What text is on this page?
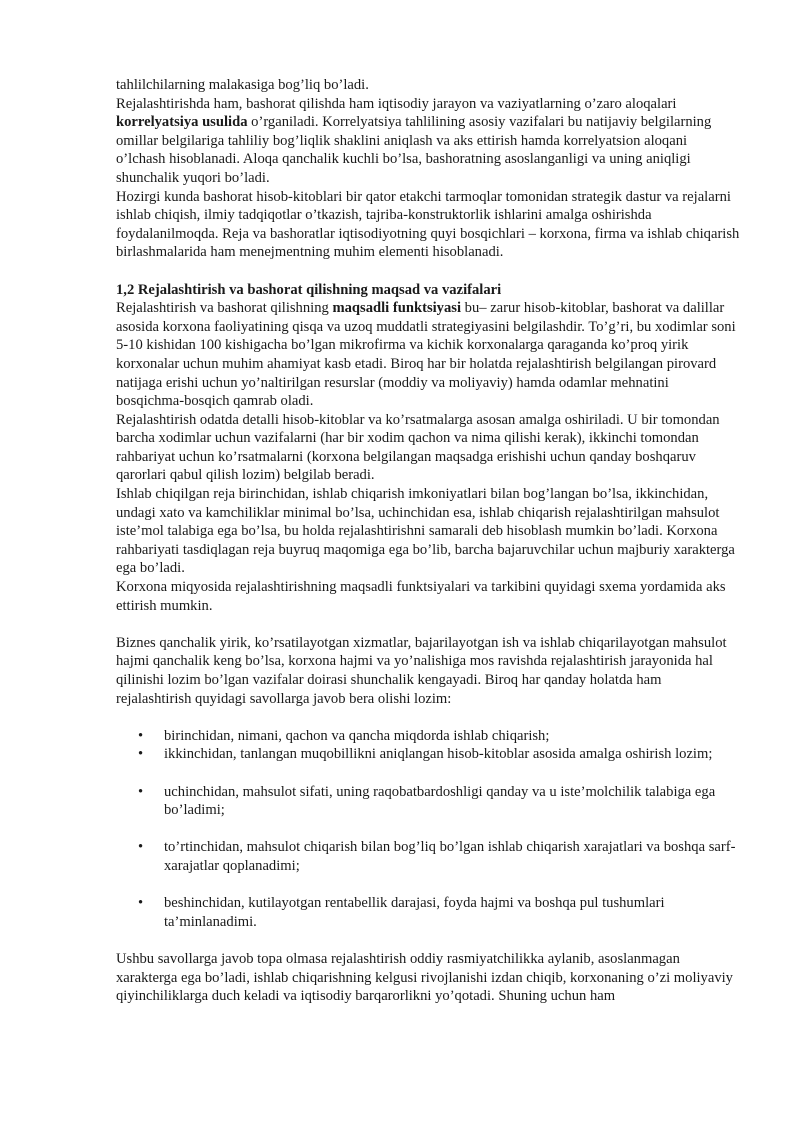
tahlilchilarning malakasiga bog’liq bo’ladi.

Rejalashtirishda ham, bashorat qilishda ham iqtisodiy jarayon va vaziyatlarning o’zaro aloqalari korrelyatsiya usulida o’rganiladi. Korrelyatsiya tahlilining asosiy vazifalari bu natijaviy belgilarning omillar belgilariga tahliliy bog’liqlik shaklini aniqlash va aks ettirish hamda korrelyatsion aloqani o’lchash hisoblanadi. Aloqa qanchalik kuchli bo’lsa, bashoratning asoslanganligi va uning aniqligi shunchalik yuqori bo’ladi.

Hozirgi kunda bashorat hisob-kitoblari bir qator etakchi tarmoqlar tomonidan strategik dastur va rejalarni ishlab chiqish, ilmiy tadqiqotlar o’tkazish, tajriba-konstruktorlik ishlarini amalga oshirishda foydalanilmoqda. Reja va bashoratlar iqtisodiyotning quyi bosqichlari – korxona, firma va ishlab chiqarish birlashmalarida ham menejmentning muhim elementi hisoblanadi.

1,2 Rejalashtirish va bashorat qilishning maqsad va vazifalari

Rejalashtirish va bashorat qilishning maqsadli funktsiyasi bu– zarur hisob-kitoblar, bashorat va dalillar asosida korxona faoliyatining qisqa va uzoq muddatli strategiyasini belgilashdir. To’g’ri, bu xodimlar soni 5-10 kishidan 100 kishigacha bo’lgan mikrofirma va kichik korxonalarga qaraganda ko’proq yirik korxonalar uchun muhim ahamiyat kasb etadi. Biroq har bir holatda rejalashtirish belgilangan pirovard natijaga erishi uchun yo’naltirilgan resurslar (moddiy va moliyaviy) hamda odamlar mehnatini bosqichma-bosqich qamrab oladi.

Rejalashtirish odatda detalli hisob-kitoblar va ko’rsatmalarga asosan amalga oshiriladi. U bir tomondan barcha xodimlar uchun vazifalarni (har bir xodim qachon va nima qilishi kerak), ikkinchi tomondan rahbariyat uchun ko’rsatmalarni (korxona belgilangan maqsadga erishishi uchun qanday boshqaruv qarorlari qabul qilish lozim) belgilab beradi.

Ishlab chiqilgan reja birinchidan, ishlab chiqarish imkoniyatlari bilan bog’langan bo’lsa, ikkinchidan, undagi xato va kamchiliklar minimal bo’lsa, uchinchidan esa, ishlab chiqarish rejalashtirilgan mahsulot iste’mol talabiga ega bo’lsa, bu holda rejalashtirishni samarali deb hisoblash mumkin bo’ladi. Korxona rahbariyati tasdiqlagan reja buyruq maqomiga ega bo’lib, barcha bajaruvchilar uchun majburiy xarakterga ega bo’ladi.

Korxona miqyosida rejalashtirishning maqsadli funktsiyalari va tarkibini quyidagi sxema yordamida aks ettirish mumkin.

Biznes qanchalik yirik, ko’rsatilayotgan xizmatlar, bajarilayotgan ish va ishlab chiqarilayotgan mahsulot hajmi qanchalik keng bo’lsa, korxona hajmi va yo’nalishiga mos ravishda rejalashtirish jarayonida hal qilinishi lozim bo’lgan vazifalar doirasi shunchalik kengayadi. Biroq har qanday holatda ham rejalashtirish quyidagi savollarga javob bera olishi lozim:

• birinchidan, nimani, qachon va qancha miqdorda ishlab chiqarish;
• ikkinchidan, tanlangan muqobillikni aniqlangan hisob-kitoblar asosida amalga oshirish lozim;
• uchinchidan, mahsulot sifati, uning raqobatbardoshligi qanday va u iste’molchilik talabiga ega bo’ladimi;
• to’rtinchidan, mahsulot chiqarish bilan bog’liq bo’lgan ishlab chiqarish xarajatlari va boshqa sarf-xarajatlar qoplanadimi;
• beshinchidan, kutilayotgan rentabellik darajasi, foyda hajmi va boshqa pul tushumlari ta’minlanadimi.

Ushbu savollarga javob topa olmasa rejalashtirish oddiy rasmiyatchilikka aylanib, asoslanmagan xarakterga ega bo’ladi, ishlab chiqarishning kelgusi rivojlanishi izdan chiqib, korxonaning o’zi moliyaviy qiyinchiliklarga duch keladi va iqtisodiy barqarorlikni yo’qotadi. Shuning uchun ham
